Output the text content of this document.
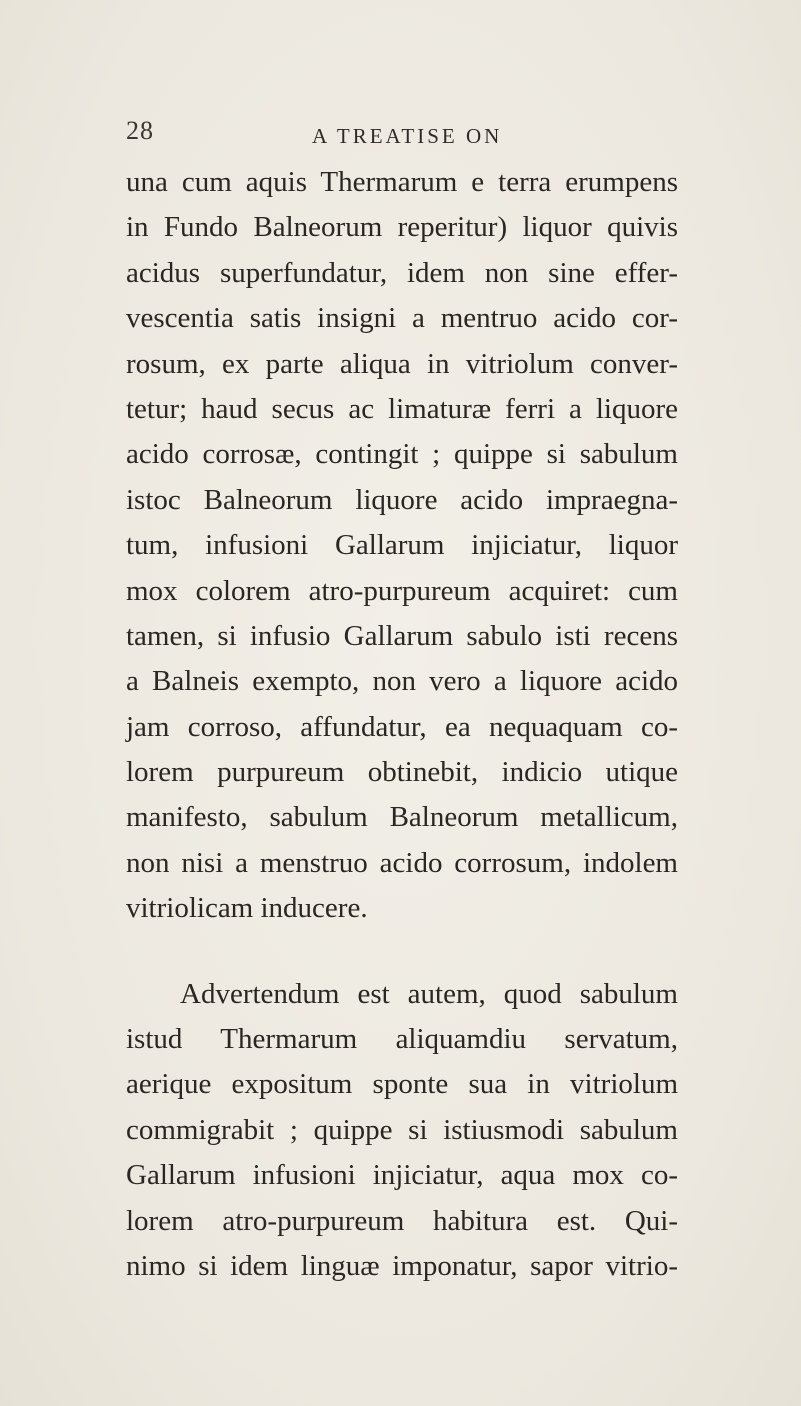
28	A TREATISE ON
una cum aquis Thermarum e terra erumpens
in Fundo Balneorum reperitur) liquor quivis
acidus superfundatur, idem non sine effer-
vescentia satis insigni a mentruo acido cor-
rosum, ex parte aliqua in vitriolum conver-
tetur; haud secus ac limaturæ ferri a liquore
acido corrosæ, contingit ; quippe si sabulum
istoc Balneorum liquore acido impraegna-
tum, infusioni Gallarum injiciatur, liquor
mox colorem atro-purpureum acquiret: cum
tamen, si infusio Gallarum sabulo isti recens
a Balneis exempto, non vero a liquore acido
jam corroso, affundatur, ea nequaquam co-
lorem purpureum obtinebit, indicio utique
manifesto, sabulum Balneorum metallicum,
non nisi a menstruo acido corrosum, indolem
vitriolicam inducere.
Advertendum est autem, quod sabulum
istud Thermarum aliquamdiu servatum,
aerique expositum sponte sua in vitriolum
commigrabit ; quippe si istiusmodi sabulum
Gallarum infusioni injiciatur, aqua mox co-
lorem atro-purpureum habitura est. Qui-
nimo si idem linguæ imponatur, sapor vitrio-
